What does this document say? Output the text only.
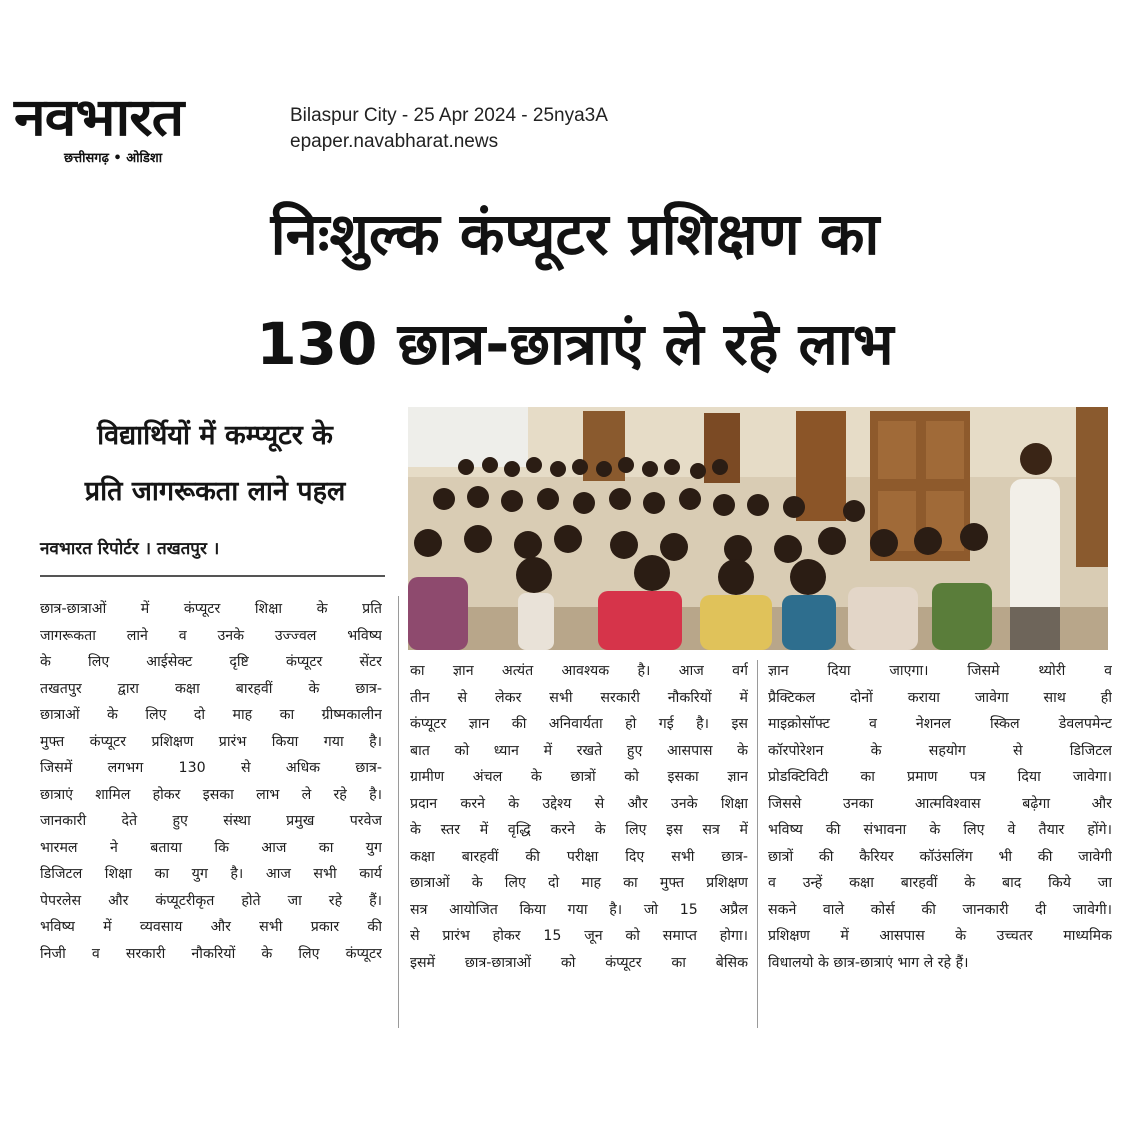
नवभारत
छत्तीसगढ़ • ओडिशा
Bilaspur City - 25 Apr 2024 - 25nya3A
epaper.navabharat.news
निःशुल्क कंप्यूटर प्रशिक्षण का
130 छात्र-छात्राएं ले रहे लाभ
विद्यार्थियों में कम्प्यूटर के
प्रति जागरूकता लाने पहल
नवभारत रिपोर्टर । तखतपुर ।
छात्र-छात्राओं में कंप्यूटर शिक्षा के प्रति
जागरूकता लाने व उनके उज्ज्वल भविष्य
के लिए आईसेक्ट दृष्टि कंप्यूटर सेंटर
तखतपुर द्वारा कक्षा बारहवीं के छात्र-
छात्राओं के लिए दो माह का ग्रीष्मकालीन
मुफ्त कंप्यूटर प्रशिक्षण प्रारंभ किया गया है।
जिसमें लगभग 130 से अधिक छात्र-
छात्राएं शामिल होकर इसका लाभ ले रहे है।
जानकारी देते हुए संस्था प्रमुख परवेज
भारमल ने बताया कि आज का युग
डिजिटल शिक्षा का युग है। आज सभी कार्य
पेपरलेस और कंप्यूटरीकृत होते जा रहे हैं।
भविष्य में व्यवसाय और सभी प्रकार की
निजी व सरकारी नौकरियों के लिए कंप्यूटर
का ज्ञान अत्यंत आवश्यक है। आज वर्ग
तीन से लेकर सभी सरकारी नौकरियों में
कंप्यूटर ज्ञान की अनिवार्यता हो गई है। इस
बात को ध्यान में रखते हुए आसपास के
ग्रामीण अंचल के छात्रों को इसका ज्ञान
प्रदान करने के उद्देश्य से और उनके शिक्षा
के स्तर में वृद्धि करने के लिए इस सत्र में
कक्षा बारहवीं की परीक्षा दिए सभी छात्र-
छात्राओं के लिए दो माह का मुफ्त प्रशिक्षण
सत्र आयोजित किया गया है। जो 15 अप्रैल
से प्रारंभ होकर 15 जून को समाप्त होगा।
इसमें छात्र-छात्राओं को कंप्यूटर का बेसिक
ज्ञान दिया जाएगा। जिसमे थ्योरी व
प्रैक्टिकल दोनों कराया जावेगा साथ ही
माइक्रोसॉफ्ट व नेशनल स्किल डेवलपमेन्ट
कॉरपोरेशन के सहयोग से डिजिटल
प्रोडक्टिविटी का प्रमाण पत्र दिया जावेगा।
जिससे उनका आत्मविश्वास बढ़ेगा और
भविष्य की संभावना के लिए वे तैयार होंगे।
छात्रों की कैरियर कॉउंसलिंग भी की जावेगी
व उन्हें कक्षा बारहवीं के बाद किये जा
सकने वाले कोर्स की जानकारी दी जावेगी।
प्रशिक्षण में आसपास के उच्चतर माध्यमिक
विधालयो के छात्र-छात्राएं भाग ले रहे हैं।
